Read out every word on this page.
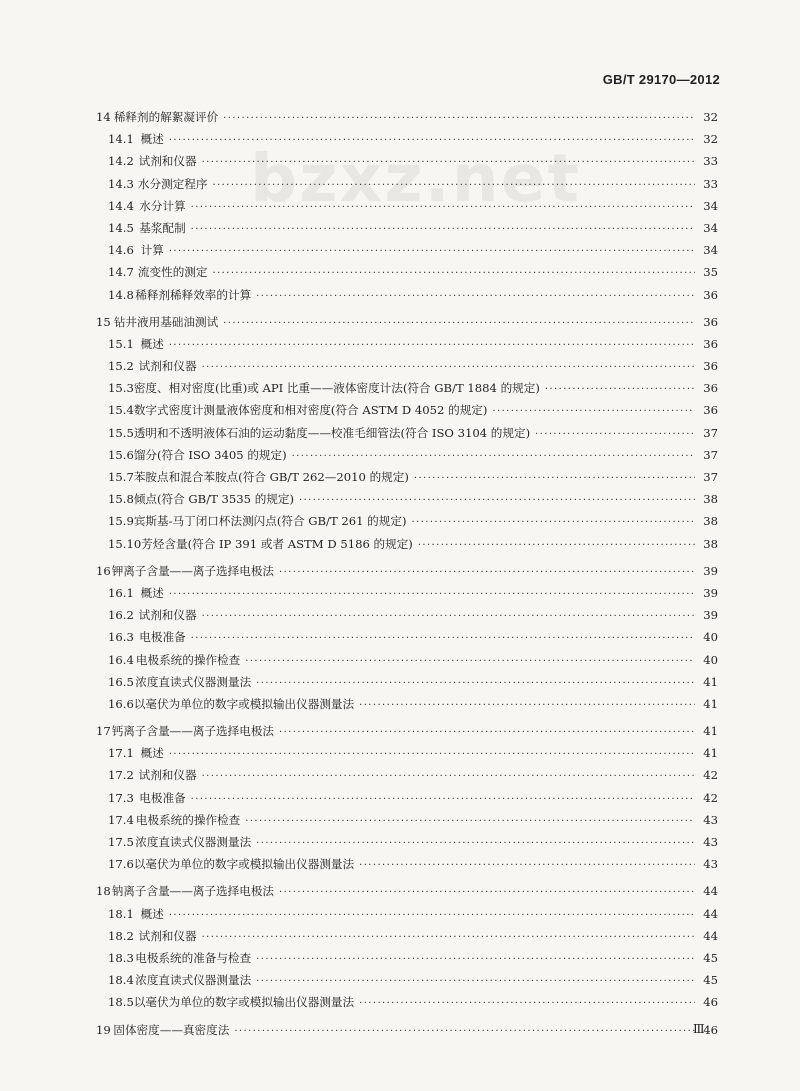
GB/T 29170—2012
bzxz.net
14 稀释剂的解絮凝评价 ·····	32
14.1 概述 ·····	32
14.2 试剂和仪器 ·····	33
14.3 水分测定程序 ·····	33
14.4 水分计算 ·····	34
14.5 基浆配制 ·····	34
14.6 计算 ·····	34
14.7 流变性的测定 ·····	35
14.8 稀释剂稀释效率的计算 ·····	36
15 钻井液用基础油测试 ·····	36
15.1 概述 ·····	36
15.2 试剂和仪器 ·····	36
15.3 密度、相对密度(比重)或 API 比重——液体密度计法(符合 GB/T 1884 的规定) ·····	36
15.4 数字式密度计测量液体密度和相对密度(符合 ASTM D 4052 的规定) ·····	36
15.5 透明和不透明液体石油的运动黏度——校准毛细管法(符合 ISO 3104 的规定) ·····	37
15.6 馏分(符合 ISO 3405 的规定) ·····	37
15.7 苯胺点和混合苯胺点(符合 GB/T 262—2010 的规定) ·····	37
15.8 倾点(符合 GB/T 3535 的规定) ·····	38
15.9 宾斯基-马丁闭口杯法测闪点(符合 GB/T 261 的规定) ·····	38
15.10 芳烃含量(符合 IP 391 或者 ASTM D 5186 的规定) ·····	38
16 钾离子含量——离子选择电极法 ·····	39
16.1 概述 ·····	39
16.2 试剂和仪器 ·····	39
16.3 电极准备 ·····	40
16.4 电极系统的操作检查 ·····	40
16.5 浓度直读式仪器测量法 ·····	41
16.6 以毫伏为单位的数字或模拟输出仪器测量法 ·····	41
17 钙离子含量——离子选择电极法 ·····	41
17.1 概述 ·····	41
17.2 试剂和仪器 ·····	42
17.3 电极准备 ·····	42
17.4 电极系统的操作检查 ·····	43
17.5 浓度直读式仪器测量法 ·····	43
17.6 以毫伏为单位的数字或模拟输出仪器测量法 ·····	43
18 钠离子含量——离子选择电极法 ·····	44
18.1 概述 ·····	44
18.2 试剂和仪器 ·····	44
18.3 电极系统的准备与检查 ·····	45
18.4 浓度直读式仪器测量法 ·····	45
18.5 以毫伏为单位的数字或模拟输出仪器测量法 ·····	46
19 固体密度——真密度法 ·····	46
Ⅲ
